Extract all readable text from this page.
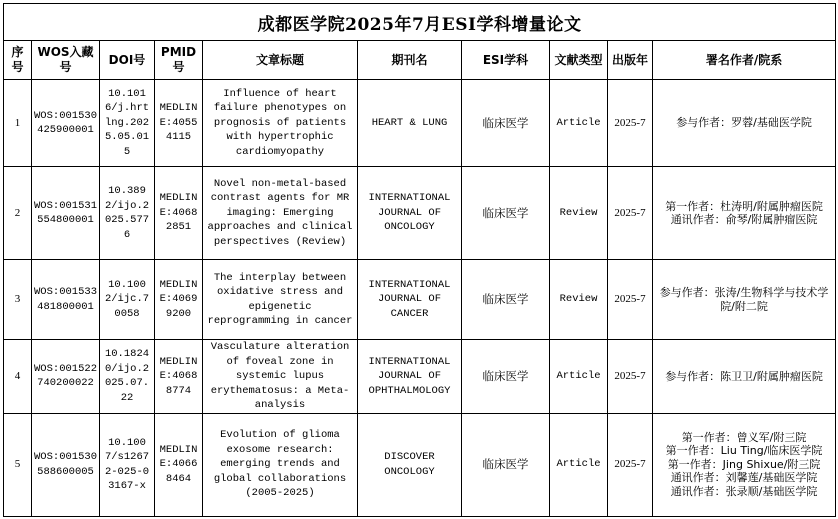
成都医学院2025年7月ESI学科增量论文									
序号	WOS入藏号	DOI号	PMID号	文章标题	期刊名	ESI学科	文献类型	出版年	署名作者/院系
1	WOS:001530425900001	10.1016/j.hrtlng.2025.05.015	MEDLINE:40554115	Influence of heart failure phenotypes on prognosis of patients with hypertrophic cardiomyopathy	HEART & LUNG	临床医学	Article	2025-7	参与作者：罗蓉/基础医学院

2	WOS:001531554800001	10.3892/ijo.2025.5776	MEDLINE:40682851	Novel non-metal-based contrast agents for MR imaging: Emerging approaches and clinical perspectives (Review)	INTERNATIONAL JOURNAL OF ONCOLOGY	临床医学	Review	2025-7	第一作者：杜涛明/附属肿瘤医院
通讯作者：俞琴/附属肿瘤医院

3	WOS:001533481800001	10.1002/ijc.70058	MEDLINE:40699200	The interplay between oxidative stress and epigenetic reprogramming in cancer	INTERNATIONAL JOURNAL OF CANCER	临床医学	Review	2025-7	参与作者：张涛/生物科学与技术学院/附二院

4	WOS:001522740200022	10.18240/ijo.2025.07.22	MEDLINE:40688774	Vasculature alteration of foveal zone in systemic lupus erythematosus: a Meta-analysis	INTERNATIONAL JOURNAL OF OPHTHALMOLOGY	临床医学	Article	2025-7	参与作者：陈卫卫/附属肿瘤医院

5	WOS:001530588600005	10.1007/s12672-025-03167-x	MEDLINE:40668464	Evolution of glioma exosome research: emerging trends and global collaborations (2005-2025)	DISCOVER ONCOLOGY	临床医学	Article	2025-7	第一作者：曾义军/附三院
第一作者：Liu Ting/临床医学院
第一作者：Jing Shixue/附三院
通讯作者：刘馨莲/基础医学院
通讯作者：张录顺/基础医学院
